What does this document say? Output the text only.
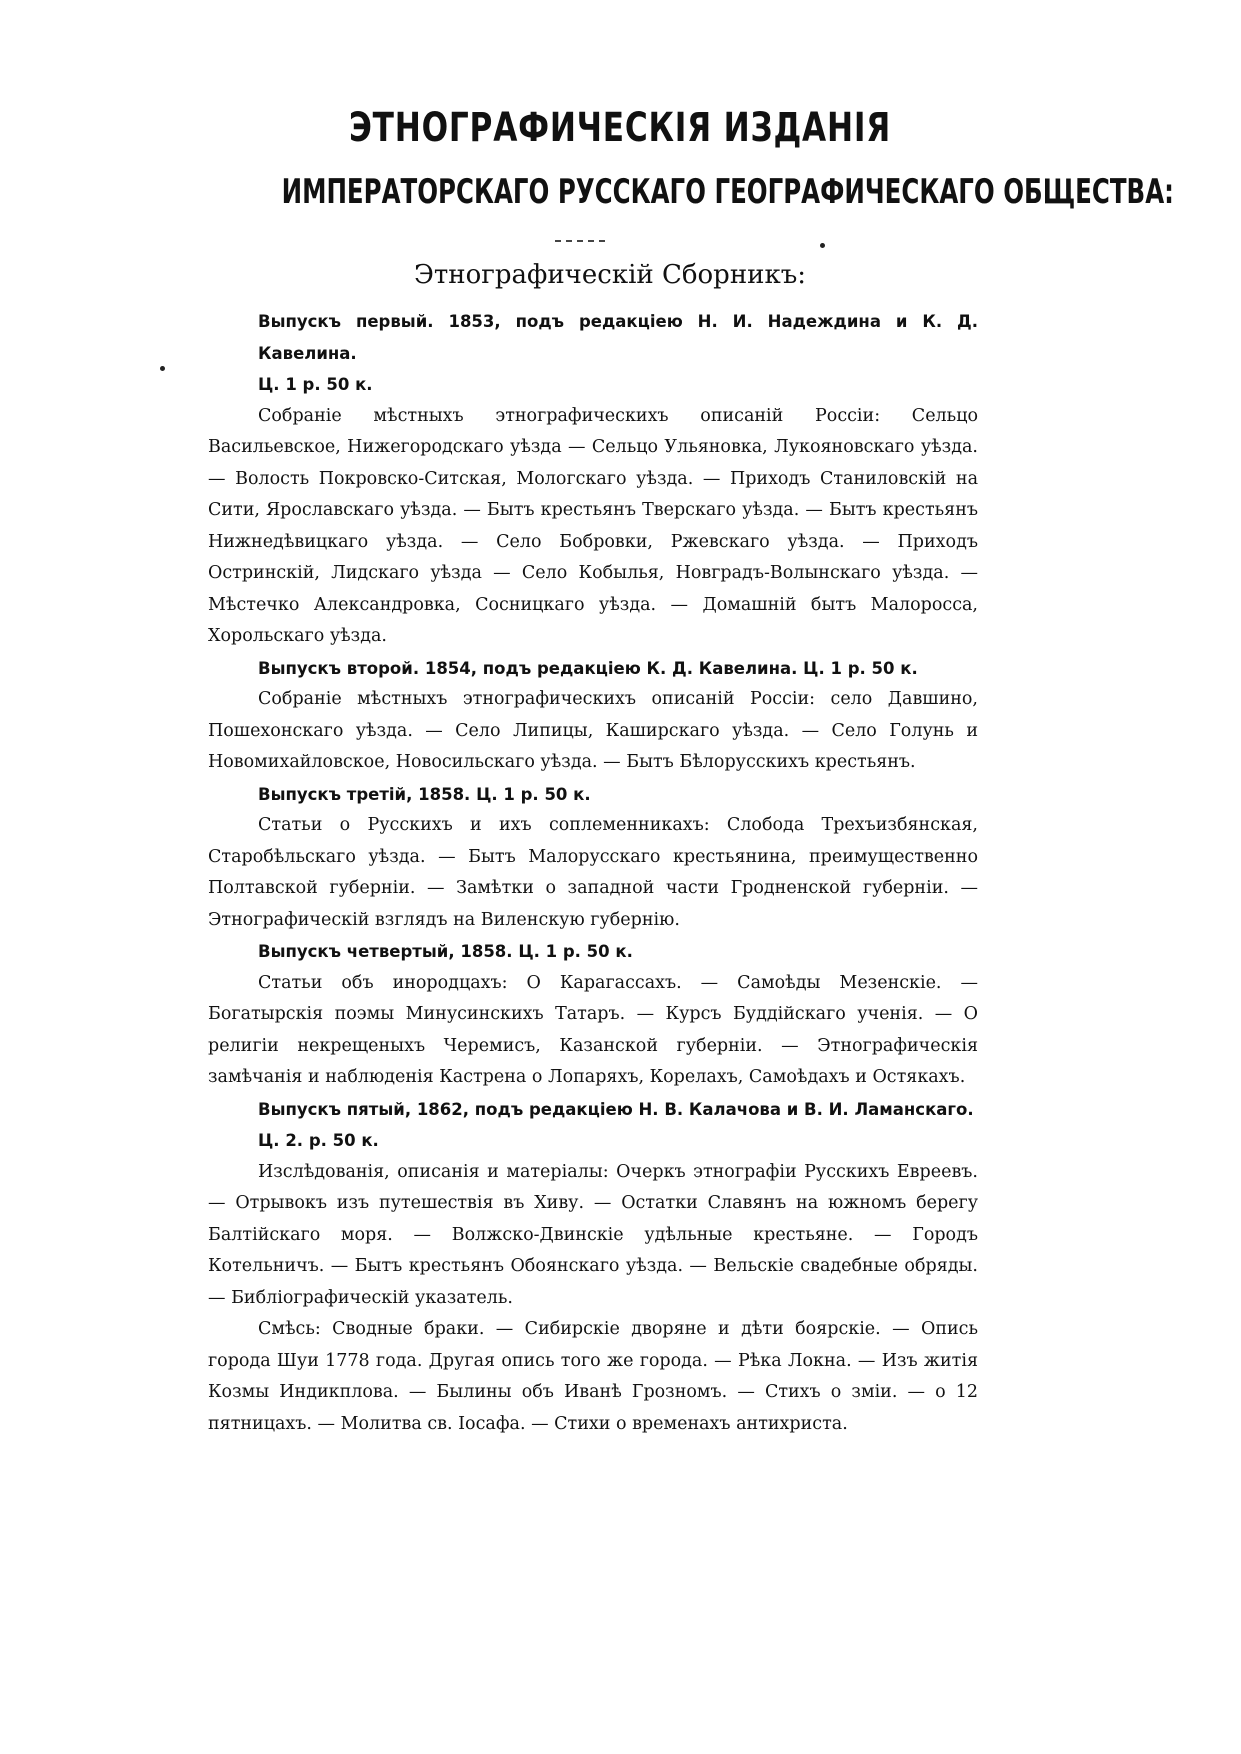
ЭТНОГРАФИЧЕСКІЯ ИЗДАНІЯ
ИМПЕРАТОРСКАГО РУССКАГО ГЕОГРАФИЧЕСКАГО ОБЩЕСТВА:
Этнографическій Сборникъ:
Выпускъ первый. 1853, подъ редакціею Н. И. Надеждина и К. Д. Кавелина.
Ц. 1 р. 50 к.

Собраніе мѣстныхъ этнографическихъ описаній Россіи: Сельцо Васильевское, Нижегородскаго уѣзда — Сельцо Ульяновка, Лукояновскаго уѣзда. — Волость Покровско-Ситская, Мологскаго уѣзда. — Приходъ Станиловскій на Сити, Ярославскаго уѣзда. — Бытъ крестьянъ Тверскаго уѣзда. — Бытъ крестьянъ Нижнедѣвицкаго уѣзда. — Село Бобровки, Ржевскаго уѣзда. — Приходъ Остринскій, Лидскаго уѣзда — Село Кобылья, Новградъ-Волынскаго уѣзда. — Мѣстечко Александровка, Сосницкаго уѣзда. — Домашній бытъ Малоросса, Хорольскаго уѣзда.

Выпускъ второй. 1854, подъ редакціею К. Д. Кавелина. Ц. 1 р. 50 к.

Собраніе мѣстныхъ этнографическихъ описаній Россіи: село Давшино, Пошехонскаго уѣзда. — Село Липицы, Каширскаго уѣзда. — Село Голунь и Новомихайловское, Новосильскаго уѣзда. — Бытъ Бѣлорусскихъ крестьянъ.

Выпускъ третій, 1858. Ц. 1 р. 50 к.

Статьи о Русскихъ и ихъ соплеменникахъ: Слобода Трехъизбянская, Старобѣльскаго уѣзда. — Бытъ Малорусскаго крестьянина, преимущественно Полтавской губерніи. — Замѣтки о западной части Гродненской губерніи. — Этнографическій взглядъ на Виленскую губернію.

Выпускъ четвертый, 1858. Ц. 1 р. 50 к.

Статьи объ инородцахъ: О Карагассахъ. — Самоѣды Мезенскіе. — Богатырскія поэмы Минусинскихъ Татаръ. — Курсъ Буддійскаго ученія. — О религіи некрещеныхъ Черемисъ, Казанской губерніи. — Этнографическія замѣчанія и наблюденія Кастрена о Лопаряхъ, Корелахъ, Самоѣдахъ и Остякахъ.

Выпускъ пятый, 1862, подъ редакціею Н. В. Калачова и В. И. Ламанскаго.
Ц. 2. р. 50 к.

Изслѣдованія, описанія и матеріалы: Очеркъ этнографіи Русскихъ Евреевъ. — Отрывокъ изъ путешествія въ Хиву. — Остатки Славянъ на южномъ берегу Балтійскаго моря. — Волжско-Двинскіе удѣльные крестьяне. — Городъ Котельничъ. — Бытъ крестьянъ Обоянскаго уѣзда. — Вельскіе свадебные обряды. — Библіографическій указатель.

Смѣсь: Сводные браки. — Сибирскіе дворяне и дѣти боярскіе. — Опись города Шуи 1778 года. Другая опись того же города. — Рѣка Локна. — Изъ житія Козмы Индикплова. — Былины объ Иванѣ Грозномъ. — Стихъ о зміи. — о 12 пятницахъ. — Молитва св. Іосафа. — Стихи о временахъ антихриста.
